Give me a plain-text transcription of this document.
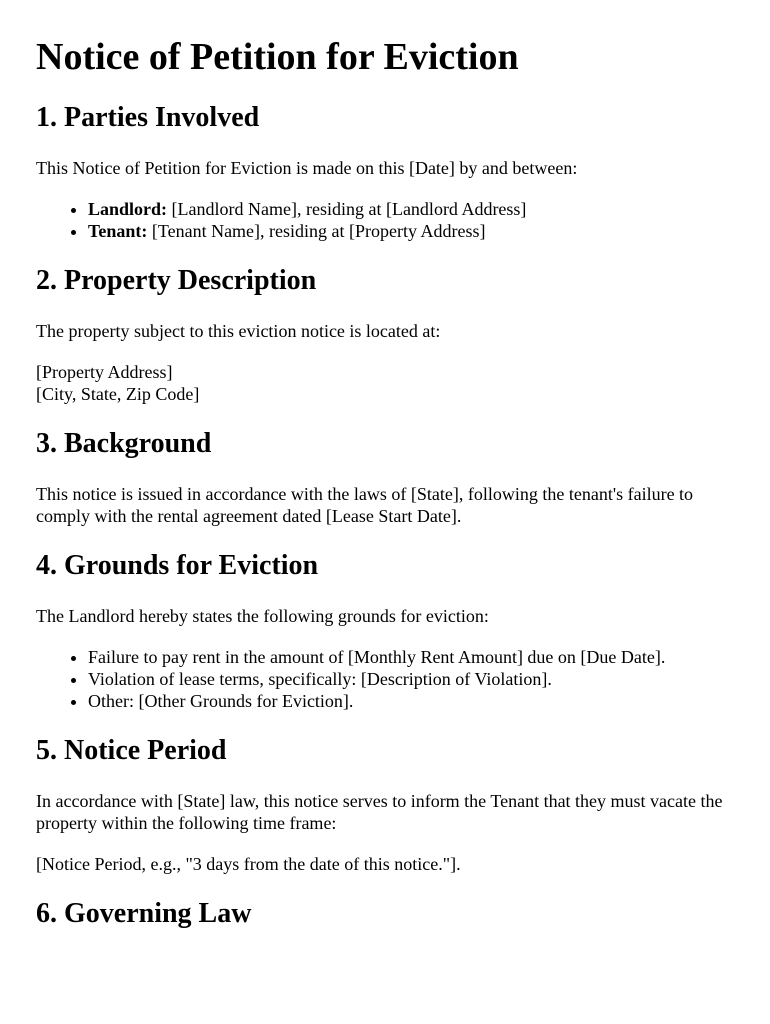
Notice of Petition for Eviction
1. Parties Involved

This Notice of Petition for Eviction is made on this [Date] by and between:

• Landlord: [Landlord Name], residing at [Landlord Address]
• Tenant: [Tenant Name], residing at [Property Address]
2. Property Description

The property subject to this eviction notice is located at:

[Property Address]
[City, State, Zip Code]

3. Background

This notice is issued in accordance with the laws of [State], following the tenant's failure to comply with the rental agreement dated [Lease Start Date].

4. Grounds for Eviction

The Landlord hereby states the following grounds for eviction:

• Failure to pay rent in the amount of [Monthly Rent Amount] due on [Due Date].
• Violation of lease terms, specifically: [Description of Violation].
• Other: [Other Grounds for Eviction].
5. Notice Period

In accordance with [State] law, this notice serves to inform the Tenant that they must vacate the property within the following time frame:

[Notice Period, e.g., "3 days from the date of this notice."].

6. Governing Law
